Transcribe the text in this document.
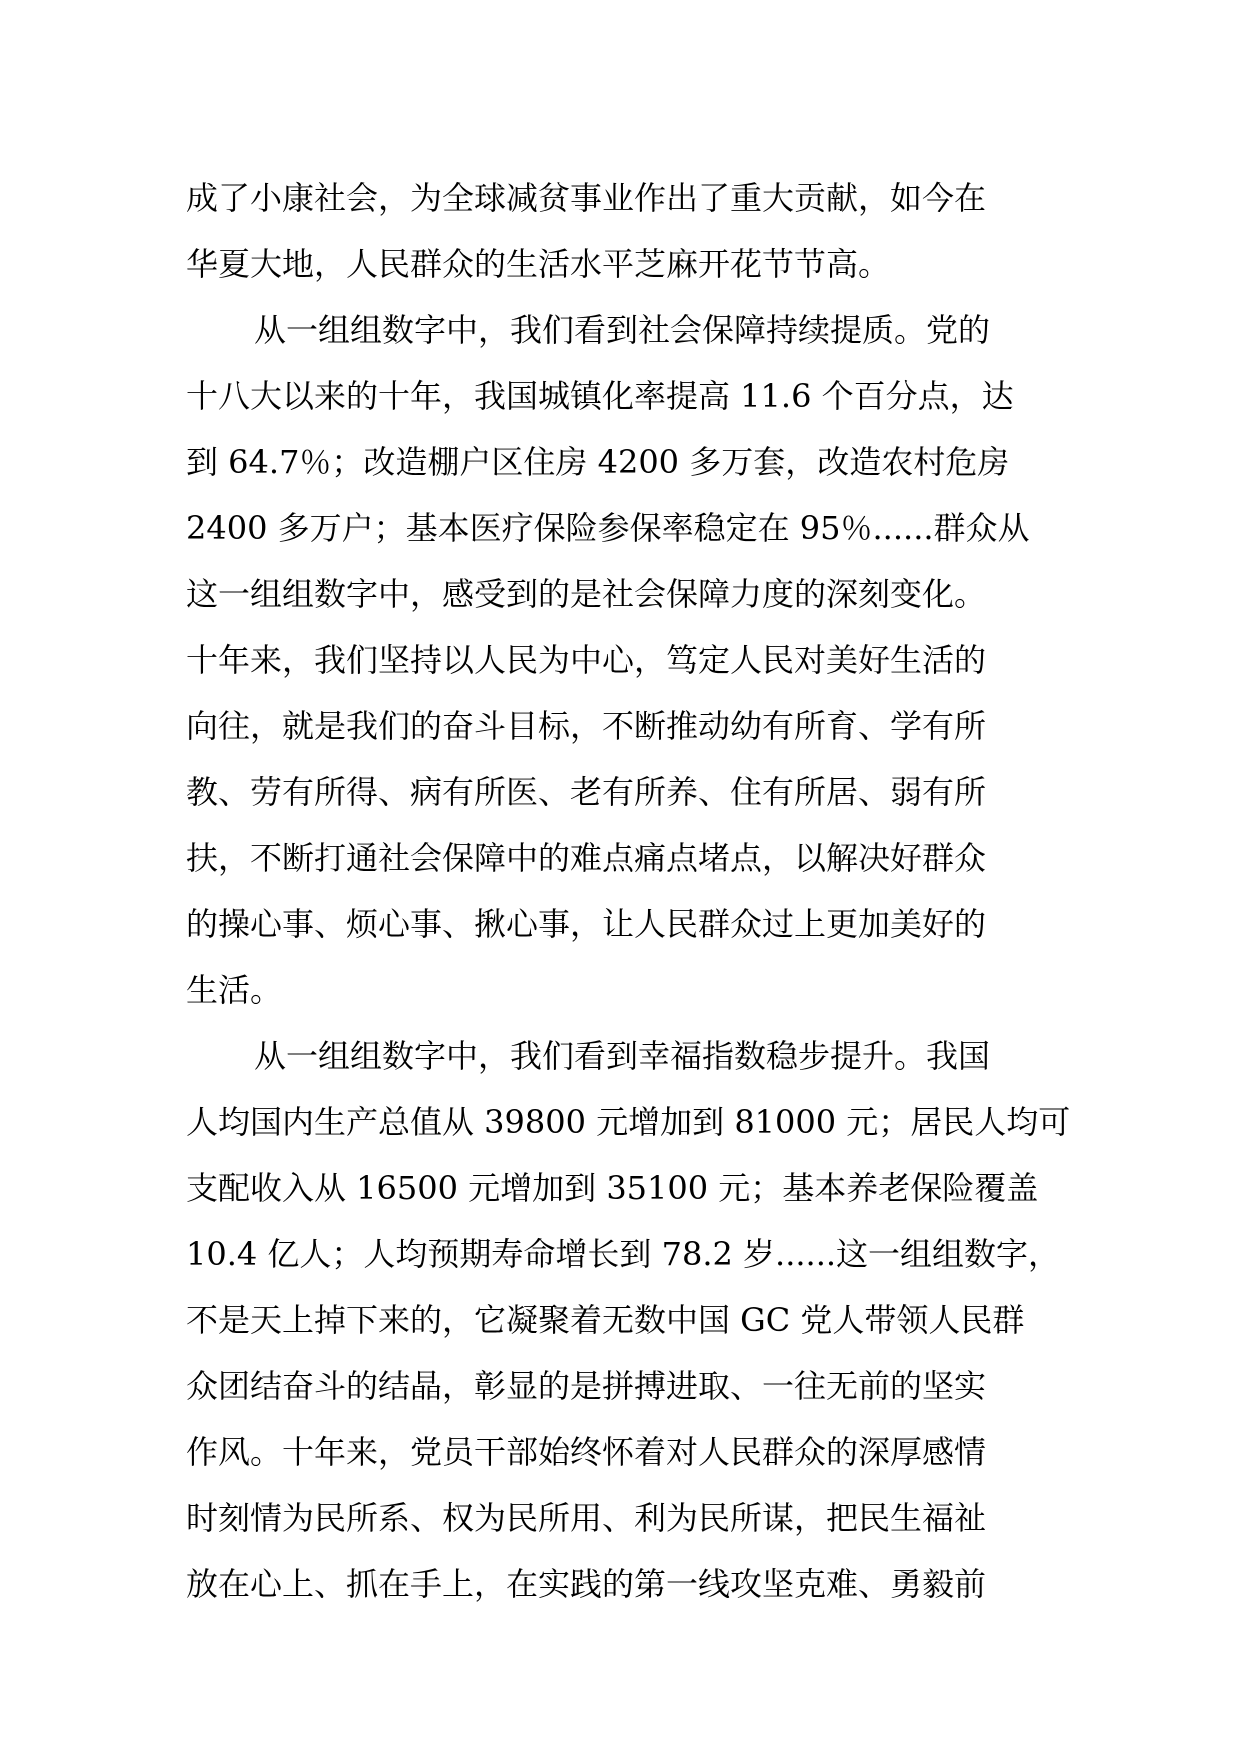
成了小康社会，为全球减贫事业作出了重大贡献，如今在
华夏大地，人民群众的生活水平芝麻开花节节高。
从一组组数字中，我们看到社会保障持续提质。党的
十八大以来的十年，我国城镇化率提高 11.6 个百分点，达
到 64.7％；改造棚户区住房 4200 多万套，改造农村危房
2400 多万户；基本医疗保险参保率稳定在 95％......群众从
这一组组数字中，感受到的是社会保障力度的深刻变化。
十年来，我们坚持以人民为中心，笃定人民对美好生活的
向往，就是我们的奋斗目标，不断推动幼有所育、学有所
教、劳有所得、病有所医、老有所养、住有所居、弱有所
扶，不断打通社会保障中的难点痛点堵点，以解决好群众
的操心事、烦心事、揪心事，让人民群众过上更加美好的
生活。
从一组组数字中，我们看到幸福指数稳步提升。我国
人均国内生产总值从 39800 元增加到 81000 元；居民人均可
支配收入从 16500 元增加到 35100 元；基本养老保险覆盖
10.4 亿人；人均预期寿命增长到 78.2 岁......这一组组数字，
不是天上掉下来的，它凝聚着无数中国 GC 党人带领人民群
众团结奋斗的结晶，彰显的是拼搏进取、一往无前的坚实
作风。十年来，党员干部始终怀着对人民群众的深厚感情
时刻情为民所系、权为民所用、利为民所谋，把民生福祉
放在心上、抓在手上，在实践的第一线攻坚克难、勇毅前
